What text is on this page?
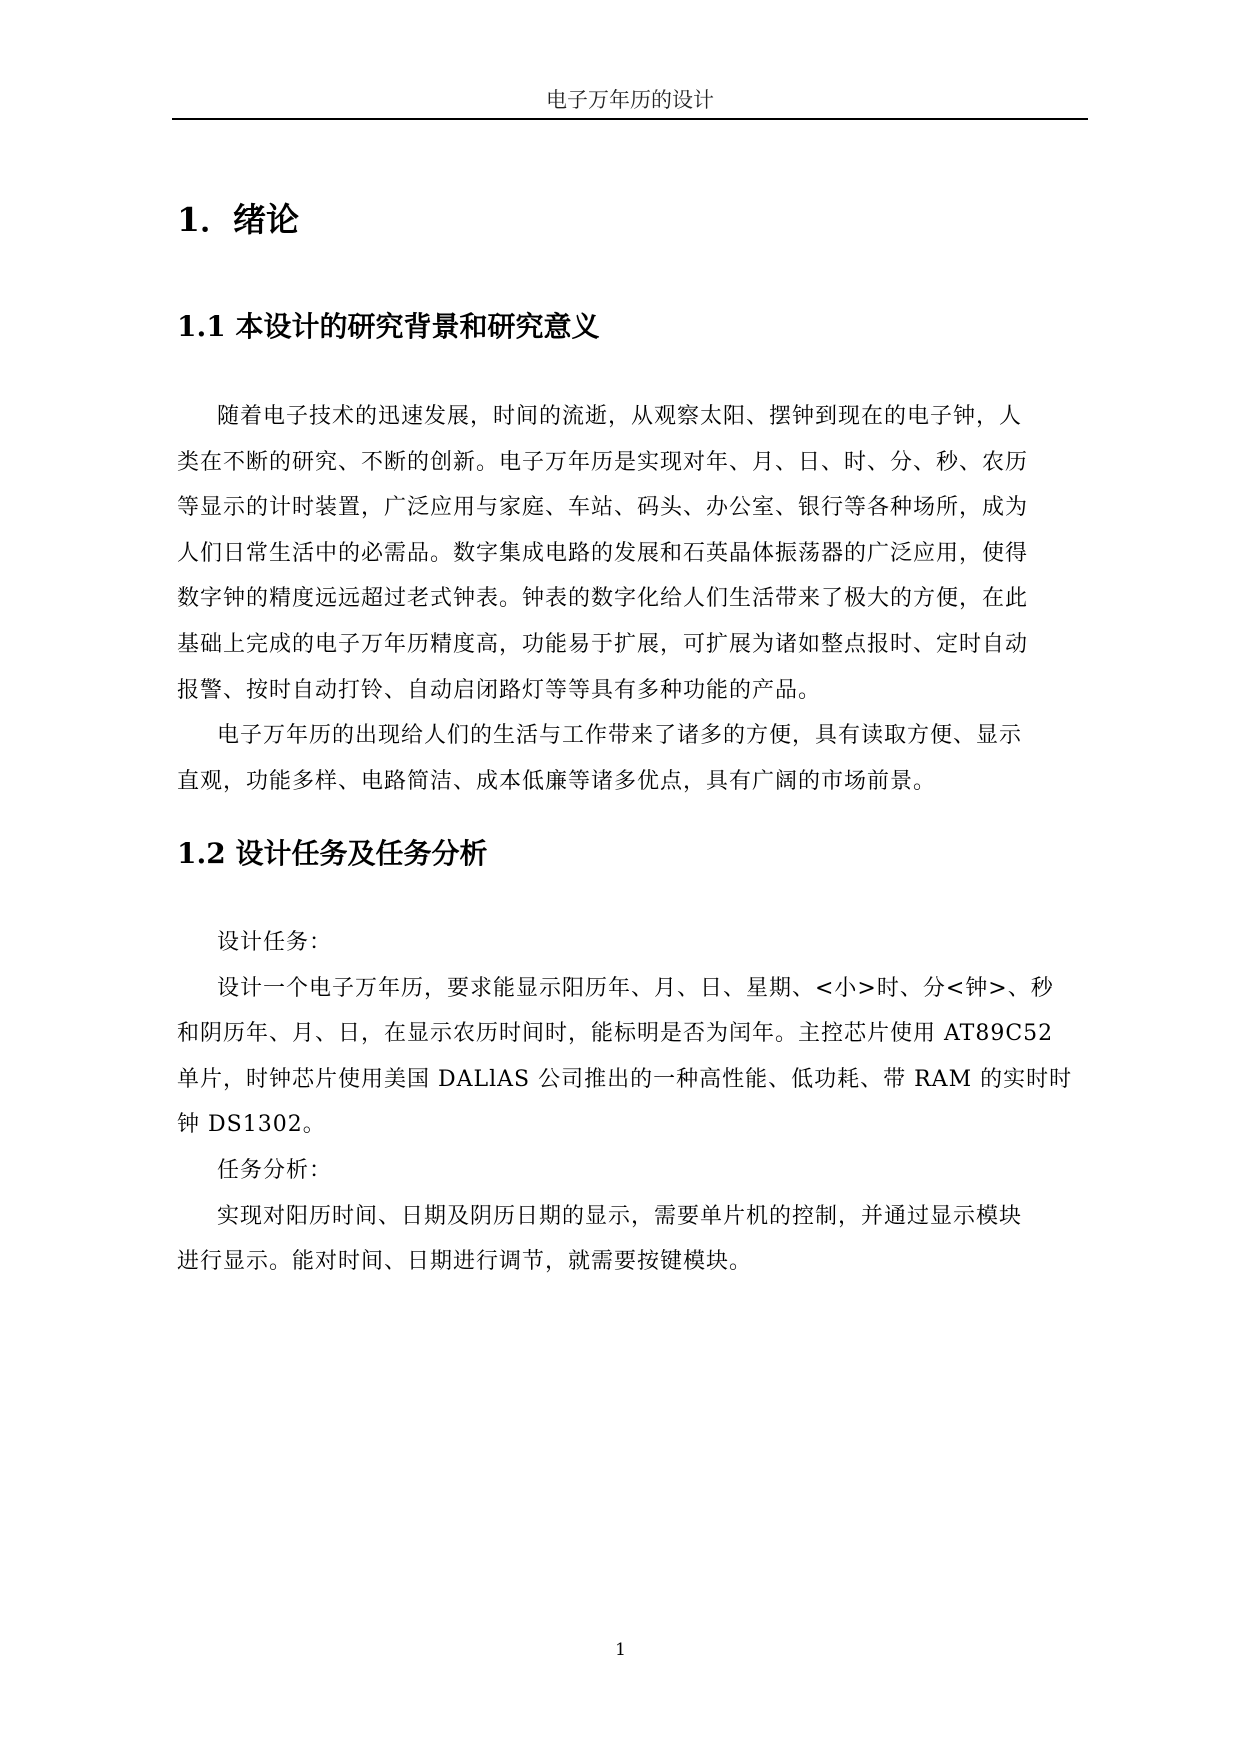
电子万年历的设计
1．绪论
1.1 本设计的研究背景和研究意义
随着电子技术的迅速发展，时间的流逝，从观察太阳、摆钟到现在的电子钟，人
类在不断的研究、不断的创新。电子万年历是实现对年、月、日、时、分、秒、农历
等显示的计时装置，广泛应用与家庭、车站、码头、办公室、银行等各种场所，成为
人们日常生活中的必需品。数字集成电路的发展和石英晶体振荡器的广泛应用，使得
数字钟的精度远远超过老式钟表。钟表的数字化给人们生活带来了极大的方便，在此
基础上完成的电子万年历精度高，功能易于扩展，可扩展为诸如整点报时、定时自动
报警、按时自动打铃、自动启闭路灯等等具有多种功能的产品。
电子万年历的出现给人们的生活与工作带来了诸多的方便，具有读取方便、显示
直观，功能多样、电路简洁、成本低廉等诸多优点，具有广阔的市场前景。
1.2 设计任务及任务分析
设计任务：
设计一个电子万年历，要求能显示阳历年、月、日、星期、<小>时、分<钟>、秒
和阴历年、月、日，在显示农历时间时，能标明是否为闰年。主控芯片使用 AT89C52
单片，时钟芯片使用美国 DALlAS 公司推出的一种高性能、低功耗、带 RAM 的实时时
钟 DS1302。
任务分析：
实现对阳历时间、日期及阴历日期的显示，需要单片机的控制，并通过显示模块
进行显示。能对时间、日期进行调节，就需要按键模块。
1
